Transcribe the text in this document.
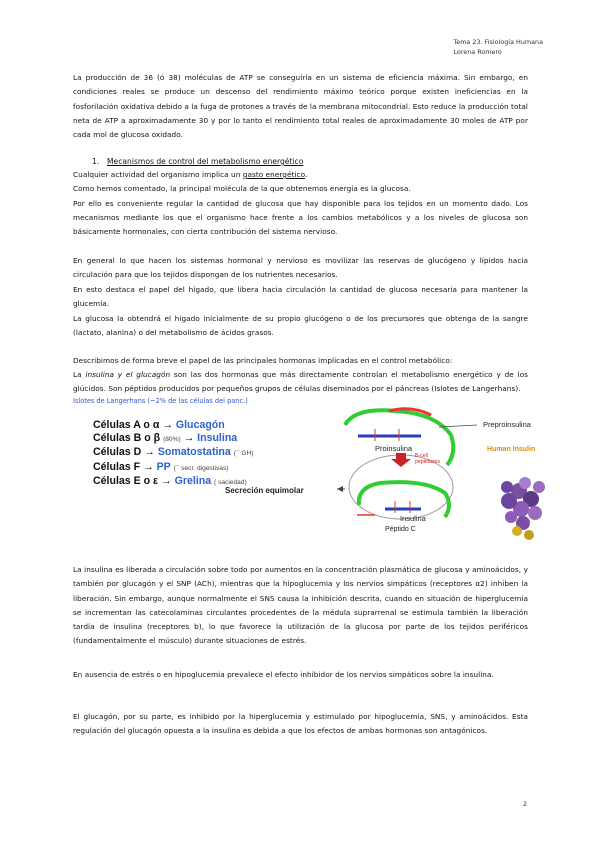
Tema 23. Fisiología Humana
Lorena Romero
La producción de 36 (ó 38) moléculas de ATP se conseguiría en un sistema de eficiencia máxima. Sin embargo, en condiciones reales se produce un descenso del rendimiento máximo teórico porque existen ineficiencias en la fosforilación oxidativa debido a la fuga de protones a través de la membrana mitocondrial. Esto reduce la producción total neta de ATP a aproximadamente 30 y por lo tanto el rendimiento total reales de aproximadamente 30 moles de ATP por cada mol de glucosa oxidado.
1. Mecanismos de control del metabolismo energético
Cualquier actividad del organismo implica un gasto energético.
Como hemos comentado, la principal molécula de la que obtenemos energía es la glucosa.
Por ello es conveniente regular la cantidad de glucosa que hay disponible para los tejidos en un momento dado. Los mecanismos mediante los que el organismo hace frente a los cambios metabólicos y a los niveles de glucosa son básicamente hormonales, con cierta contribución del sistema nervioso.
En general lo que hacen los sistemas hormonal y nervioso es movilizar las reservas de glucógeno y lípidos hacia circulación para que los tejidos dispongan de los nutrientes necesarios.
En esto destaca el papel del hígado, que libera hacia circulación la cantidad de glucosa necesaria para mantener la glucemia.
La glucosa la obtendrá el hígado inicialmente de su propio glucógeno o de los precursores que obtenga de la sangre (lactato, alanina) o del metabolismo de ácidos grasos.
Describimos de forma breve el papel de las principales hormonas implicadas en el control metabólico:
La insulina y el glucagón son las dos hormonas que más directamente controlan el metabolismo energético y de los glúcidos. Son péptidos producidos por pequeños grupos de células diseminados por el páncreas (Islotes de Langerhans).
Islotes de Langerhans (~2% de las células del panc.)
Células A o α → Glucagón
Células B o β (80%) → Insulina
Células D → Somatostatina (¯ GH)
Células F → PP (¯ secr. digestivas)
Células E o ε → Grelina ( saciedad)
Preproinsulina
Proinsulina
B-cell
peptidases
Human Insulin
Insulina
Péptido C
Secreción equimolar
La insulina es liberada a circulación sobre todo por aumentos en la concentración plasmática de glucosa y aminoácidos, y también por glucagón y el SNP (ACh), mientras que la hipoglucemia y los nervios simpáticos (receptores α2) inhiben la liberación. Sin embargo, aunque normalmente el SNS causa la inhibición descrita, cuando en situación de hiperglucemia se incrementan las catecolaminas circulantes procedentes de la médula suprarrenal se estimula también la liberación tardía de insulina (receptores b), lo que favorece la utilización de la glucosa por parte de los tejidos periféricos (fundamentalmente el músculo) durante situaciones de estrés.
En ausencia de estrés o en hipoglucemia prevalece el efecto inhibidor de los nervios simpáticos sobre la insulina.
El glucagón, por su parte, es inhibido por la hiperglucemia y estimulado por hipoglucemia, SNS, y aminoácidos. Esta regulación del glucagón opuesta a la insulina es debida a que los efectos de ambas hormonas son antagónicos.
2
